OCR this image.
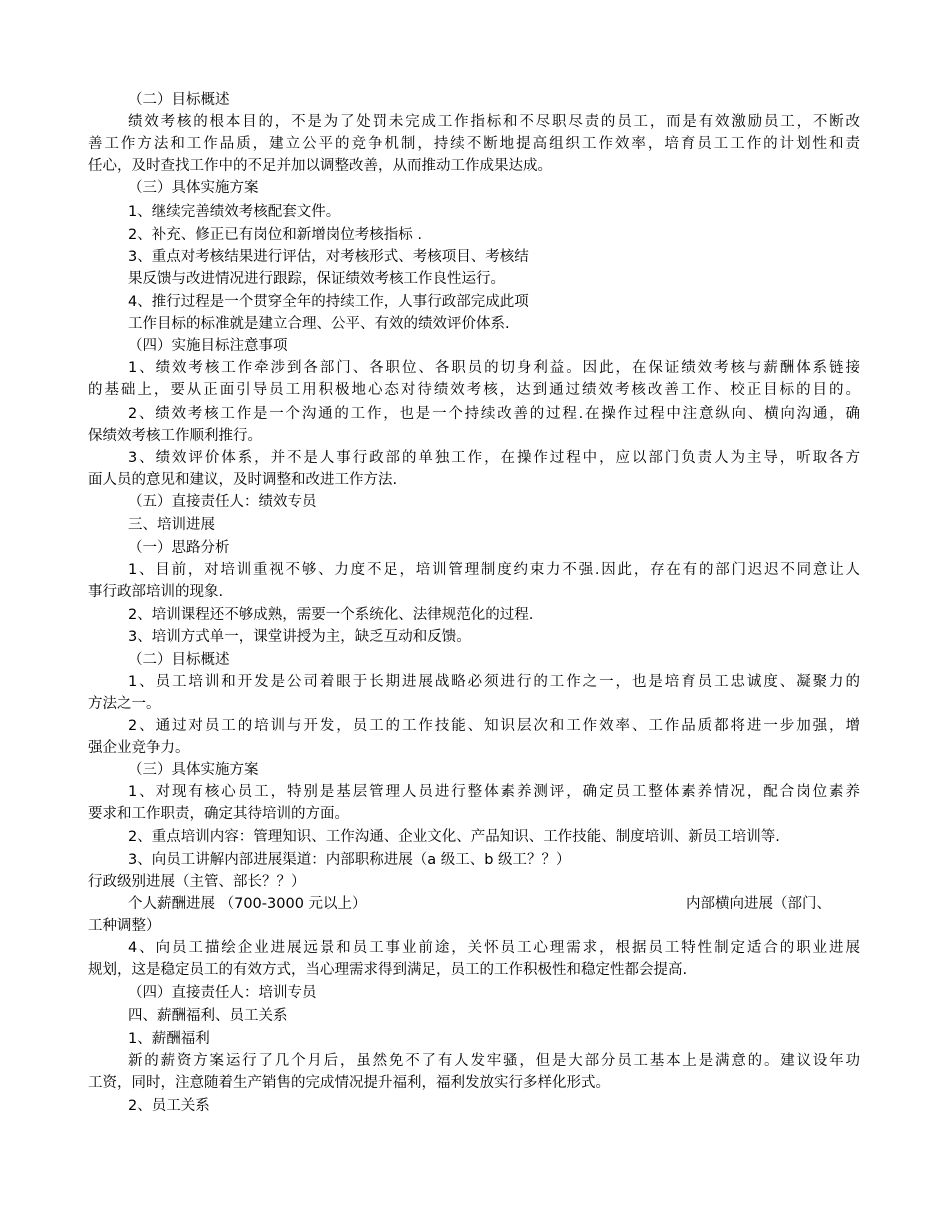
（二）目标概述
绩效考核的根本目的，不是为了处罚未完成工作指标和不尽职尽责的员工，而是有效激励员工，不断改
善工作方法和工作品质，建立公平的竞争机制，持续不断地提高组织工作效率，培育员工工作的计划性和责
任心，及时查找工作中的不足并加以调整改善，从而推动工作成果达成。
（三）具体实施方案
1、继续完善绩效考核配套文件。
2、补充、修正已有岗位和新增岗位考核指标 .
3、重点对考核结果进行评估，对考核形式、考核项目、考核结
果反馈与改进情况进行跟踪，保证绩效考核工作良性运行。
4、推行过程是一个贯穿全年的持续工作，人事行政部完成此项
工作目标的标准就是建立合理、公平、有效的绩效评价体系.
（四）实施目标注意事项
1、绩效考核工作牵涉到各部门、各职位、各职员的切身利益。因此，在保证绩效考核与薪酬体系链接
的基础上，要从正面引导员工用积极地心态对待绩效考核，达到通过绩效考核改善工作、校正目标的目的。
2、绩效考核工作是一个沟通的工作，也是一个持续改善的过程.在操作过程中注意纵向、横向沟通，确
保绩效考核工作顺利推行。
3、绩效评价体系，并不是人事行政部的单独工作，在操作过程中，应以部门负责人为主导，听取各方
面人员的意见和建议，及时调整和改进工作方法.
（五）直接责任人：绩效专员
三、培训进展
（一）思路分析
1、目前，对培训重视不够、力度不足，培训管理制度约束力不强.因此，存在有的部门迟迟不同意让人
事行政部培训的现象.
2、培训课程还不够成熟，需要一个系统化、法律规范化的过程.
3、培训方式单一，课堂讲授为主，缺乏互动和反馈。
（二）目标概述
1、员工培训和开发是公司着眼于长期进展战略必须进行的工作之一，也是培育员工忠诚度、凝聚力的
方法之一。
2、通过对员工的培训与开发，员工的工作技能、知识层次和工作效率、工作品质都将进一步加强，增
强企业竞争力。
（三）具体实施方案
1、对现有核心员工，特别是基层管理人员进行整体素养测评，确定员工整体素养情况，配合岗位素养
要求和工作职责，确定其待培训的方面。
2、重点培训内容：管理知识、工作沟通、企业文化、产品知识、工作技能、制度培训、新员工培训等.
3、向员工讲解内部进展渠道：内部职称进展（a 级工、b 级工？？）
行政级别进展（主管、部长？？）
个人薪酬进展 （700-3000 元以上）	内部横向进展（部门、
工种调整）
4、向员工描绘企业进展远景和员工事业前途，关怀员工心理需求，根据员工特性制定适合的职业进展
规划，这是稳定员工的有效方式，当心理需求得到满足，员工的工作积极性和稳定性都会提高.
（四）直接责任人：培训专员
四、薪酬福利、员工关系
1、薪酬福利
新的薪资方案运行了几个月后，虽然免不了有人发牢骚，但是大部分员工基本上是满意的。建议设年功
工资，同时，注意随着生产销售的完成情况提升福利，福利发放实行多样化形式。
2、员工关系
